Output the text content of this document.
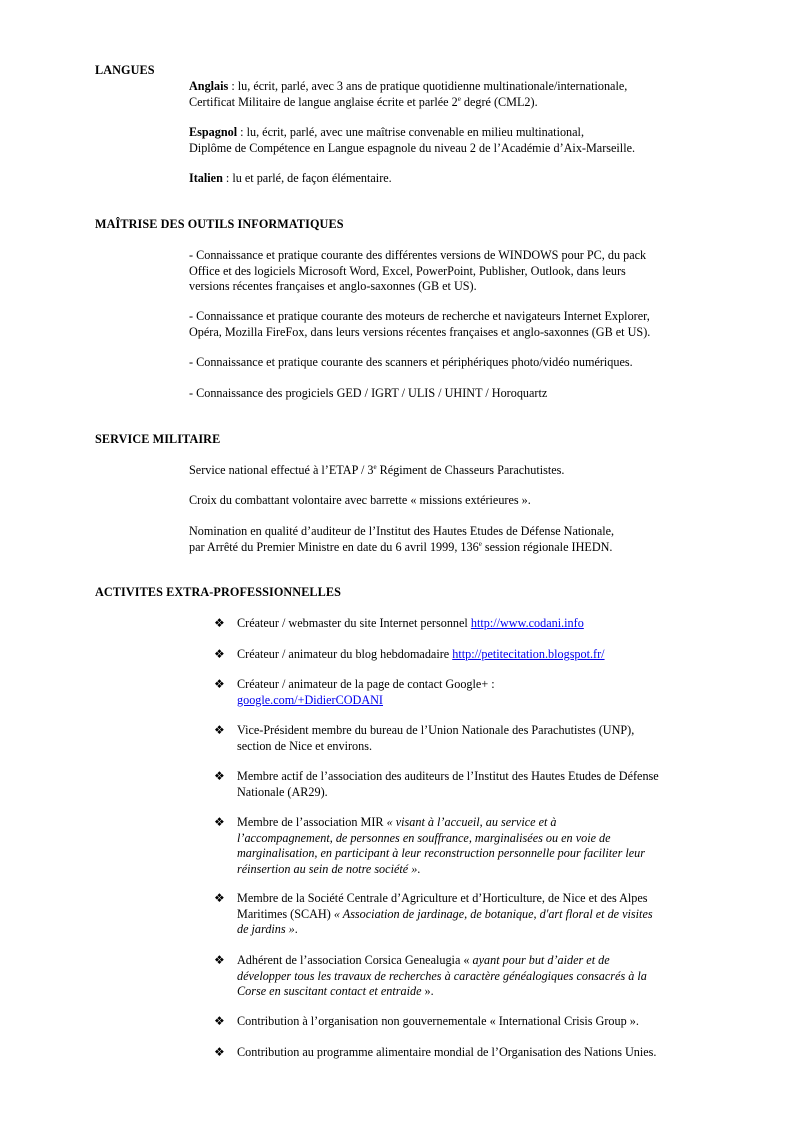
LANGUES

Anglais : lu, écrit, parlé, avec 3 ans de pratique quotidienne multinationale/internationale,

Certificat Militaire de langue anglaise écrite et parlée 2e degré (CML2).

Espagnol : lu, écrit, parlé, avec une maîtrise convenable en milieu multinational,

Diplôme de Compétence en Langue espagnole du niveau 2 de l’Académie d’Aix-Marseille.

Italien : lu et parlé, de façon élémentaire.

MAÎTRISE DES OUTILS INFORMATIQUES

- Connaissance et pratique courante des différentes versions de WINDOWS pour PC, du pack

Office et des logiciels Microsoft Word, Excel, PowerPoint, Publisher, Outlook, dans leurs

versions récentes françaises et anglo-saxonnes (GB et US).

- Connaissance et pratique courante des moteurs de recherche et navigateurs Internet Explorer,

Opéra, Mozilla FireFox, dans leurs versions récentes françaises et anglo-saxonnes (GB et US).

- Connaissance et pratique courante des scanners et périphériques photo/vidéo numériques.

- Connaissance des progiciels GED / IGRT / ULIS / UHINT / Horoquartz

SERVICE MILITAIRE

Service national effectué à l’ETAP / 3e Régiment de Chasseurs Parachutistes.

Croix du combattant volontaire avec barrette « missions extérieures ».

Nomination en qualité d’auditeur de l’Institut des Hautes Etudes de Défense Nationale,

par Arrêté du Premier Ministre en date du 6 avril 1999, 136e session régionale IHEDN.

ACTIVITES EXTRA-PROFESSIONNELLES
❖ Créateur / webmaster du site Internet personnel http://www.codani.info

❖ Créateur / animateur du blog hebdomadaire http://petitecitation.blogspot.fr/

❖ Créateur / animateur de la page de contact Google+ :

google.com/+DidierCODANI

❖ Vice-Président membre du bureau de l’Union Nationale des Parachutistes (UNP),

section de Nice et environs.

❖ Membre actif de l’association des auditeurs de l’Institut des Hautes Etudes de Défense

Nationale (AR29).

❖ Membre de l’association MIR « visant à l’accueil, au service et à

l’accompagnement, de personnes en souffrance, marginalisées ou en voie de

marginalisation, en participant à leur reconstruction personnelle pour faciliter leur

réinsertion au sein de notre société ».

❖ Membre de la Société Centrale d’Agriculture et d’Horticulture, de Nice et des Alpes

Maritimes (SCAH) « Association de jardinage, de botanique, d'art floral et de visites

de jardins ».

❖ Adhérent de l’association Corsica Genealugia « ayant pour but d’aider et de

développer tous les travaux de recherches à caractère généalogiques consacrés à la

Corse en suscitant contact et entraide ».

❖ Contribution à l’organisation non gouvernementale « International Crisis Group ».

❖ Contribution au programme alimentaire mondial de l’Organisation des Nations Unies.
